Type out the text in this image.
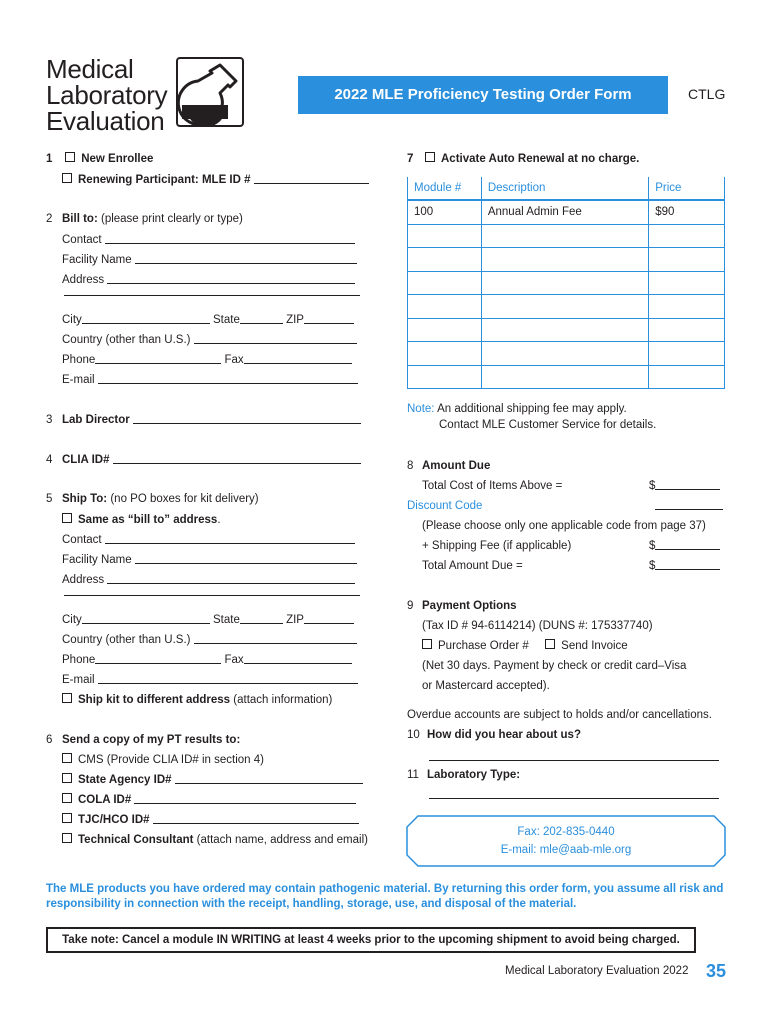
Medical
Laboratory
Evaluation
2022 MLE Proficiency Testing Order Form	CTLG
1	New Enrollee
Renewing Participant: MLE ID #
2 Bill to: (please print clearly or type)
Contact
Facility Name
Address
City	State	ZIP
Country (other than U.S.)
Phone	Fax
E-mail
3 Lab Director
4 CLIA ID#
5 Ship To: (no PO boxes for kit delivery)
Same as “bill to” address.
Contact
Facility Name
Address
City	State	ZIP
Country (other than U.S.)
Phone	Fax
E-mail
Ship kit to different address (attach information)
6 Send a copy of my PT results to:
CMS (Provide CLIA ID# in section 4)
State Agency ID#
COLA ID#
TJC/HCO ID#
Technical Consultant (attach name, address and email)
7 Activate Auto Renewal at no charge.
Module #	Description	Price
100	Annual Admin Fee	$90

Note: An additional shipping fee may apply.
Contact MLE Customer Service for details.
8 Amount Due
Total Cost of Items Above =	$
Discount Code
(Please choose only one applicable code from page 37)
+ Shipping Fee (if applicable)	$
Total Amount Due =	$
9 Payment Options
(Tax ID # 94-6114214) (DUNS #: 175337740)
Purchase Order #	Send Invoice
(Net 30 days. Payment by check or credit card–Visa
or Mastercard accepted).
Overdue accounts are subject to holds and/or cancellations.
10 How did you hear about us?
11 Laboratory Type:
Fax: 202-835-0440
E-mail: mle@aab-mle.org
The MLE products you have ordered may contain pathogenic material. By returning this order form, you assume all risk and responsibility in connection with the receipt, handling, storage, use, and disposal of the material.
Take note: Cancel a module IN WRITING at least 4 weeks prior to the upcoming shipment to avoid being charged.
Medical Laboratory Evaluation 2022 35
